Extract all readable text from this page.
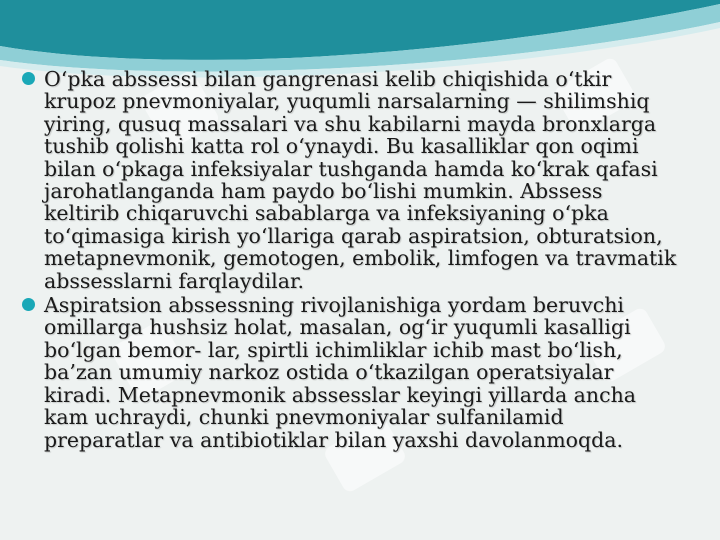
O‘pka abssessi bilan gangrenasi kelib chiqishida o‘tkir krupoz pnevmoniyalar, yuqumli narsalarning — shilimshiq yiring, qusuq massalari va shu kabilarni mayda bronxlarga tushib qolishi katta rol o‘ynaydi. Bu kasalliklar qon oqimi bilan o‘pkaga infeksiyalar tushganda hamda ko‘krak qafasi jarohatlanganda ham paydo bo‘lishi mumkin. Abssess keltirib chiqaruvchi sabablarga va infeksiyaning o‘pka to‘qimasiga kirish yo‘llariga qarab aspiratsion, obturatsion, metapnevmonik, gemotogen, embolik, limfogen va travmatik abssesslarni farqlaydilar.

Aspiratsion abssessning rivojlanishiga yordam beruvchi omillarga hushsiz holat, masalan, og‘ir yuqumli kasalligi bo‘lgan bemor- lar, spirtli ichimliklar ichib mast bo‘lish, ba’zan umumiy narkoz ostida o‘tkazilgan operatsiyalar kiradi. Metapnevmonik abssesslar keyingi yillarda ancha kam uchraydi, chunki pnevmoniyalar sulfanilamid preparatlar va antibiotiklar bilan yaxshi davolanmoqda.
